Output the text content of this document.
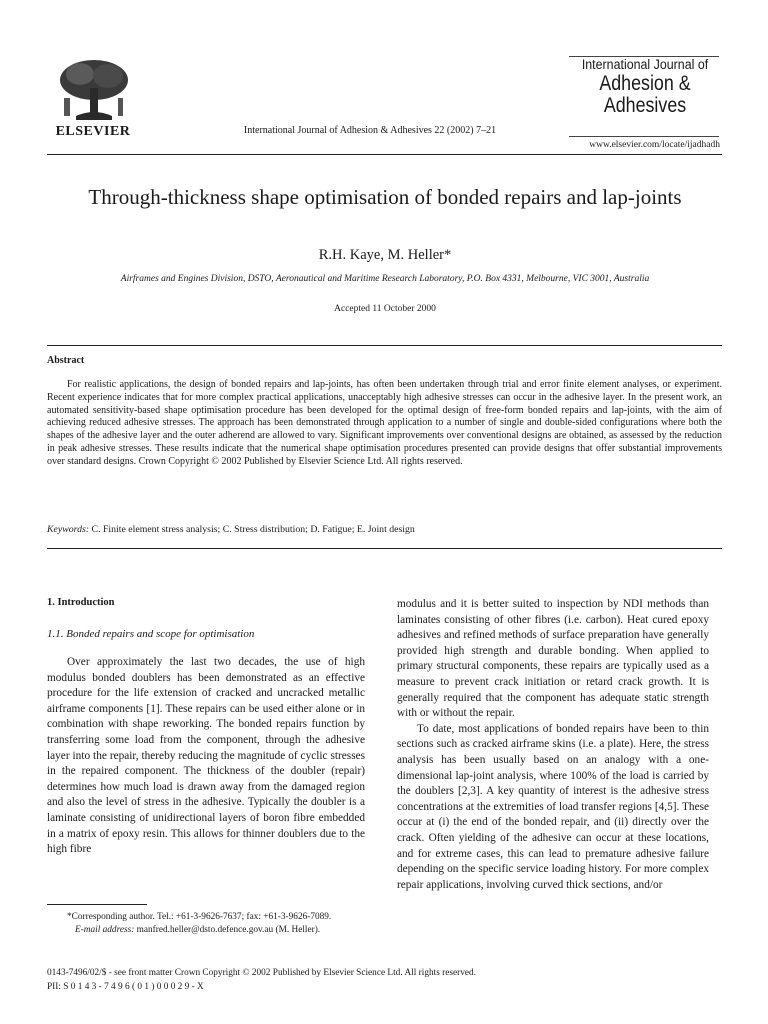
ELSEVIER	International Journal of Adhesion & Adhesives 22 (2002) 7–21
International Journal of
Adhesion &
Adhesives
www.elsevier.com/locate/ijadhadh
Through-thickness shape optimisation of bonded repairs and lap-joints
R.H. Kaye, M. Heller*
Airframes and Engines Division, DSTO, Aeronautical and Maritime Research Laboratory, P.O. Box 4331, Melbourne, VIC 3001, Australia
Accepted 11 October 2000
Abstract
For realistic applications, the design of bonded repairs and lap-joints, has often been undertaken through trial and error finite element analyses, or experiment. Recent experience indicates that for more complex practical applications, unacceptably high adhesive stresses can occur in the adhesive layer. In the present work, an automated sensitivity-based shape optimisation procedure has been developed for the optimal design of free-form bonded repairs and lap-joints, with the aim of achieving reduced adhesive stresses. The approach has been demonstrated through application to a number of single and double-sided configurations where both the shapes of the adhesive layer and the outer adherend are allowed to vary. Significant improvements over conventional designs are obtained, as assessed by the reduction in peak adhesive stresses. These results indicate that the numerical shape optimisation procedures presented can provide designs that offer substantial improvements over standard designs. Crown Copyright © 2002 Published by Elsevier Science Ltd. All rights reserved.
Keywords: C. Finite element stress analysis; C. Stress distribution; D. Fatigue; E. Joint design
1. Introduction
1.1. Bonded repairs and scope for optimisation
Over approximately the last two decades, the use of high modulus bonded doublers has been demonstrated as an effective procedure for the life extension of cracked and uncracked metallic airframe components [1]. These repairs can be used either alone or in combination with shape reworking. The bonded repairs function by transferring some load from the component, through the adhesive layer into the repair, thereby reducing the magnitude of cyclic stresses in the repaired component. The thickness of the doubler (repair) determines how much load is drawn away from the damaged region and also the level of stress in the adhesive. Typically the doubler is a laminate consisting of unidirectional layers of boron fibre embedded in a matrix of epoxy resin. This allows for thinner doublers due to the high fibre
*Corresponding author. Tel.: +61-3-9626-7637; fax: +61-3-9626-7089.
E-mail address: manfred.heller@dsto.defence.gov.au (M. Heller).

modulus and it is better suited to inspection by NDI methods than laminates consisting of other fibres (i.e. carbon). Heat cured epoxy adhesives and refined methods of surface preparation have generally provided high strength and durable bonding. When applied to primary structural components, these repairs are typically used as a measure to prevent crack initiation or retard crack growth. It is generally required that the component has adequate static strength with or without the repair.

To date, most applications of bonded repairs have been to thin sections such as cracked airframe skins (i.e. a plate). Here, the stress analysis has been usually based on an analogy with a one-dimensional lap-joint analysis, where 100% of the load is carried by the doublers [2,3]. A key quantity of interest is the adhesive stress concentrations at the extremities of load transfer regions [4,5]. These occur at (i) the end of the bonded repair, and (ii) directly over the crack. Often yielding of the adhesive can occur at these locations, and for extreme cases, this can lead to premature adhesive failure depending on the specific service loading history. For more complex repair applications, involving curved thick sections, and/or

0143-7496/02/$ - see front matter Crown Copyright © 2002 Published by Elsevier Science Ltd. All rights reserved.
PII: S 0 1 4 3 - 7 4 9 6 ( 0 1 ) 0 0 0 2 9 - X
